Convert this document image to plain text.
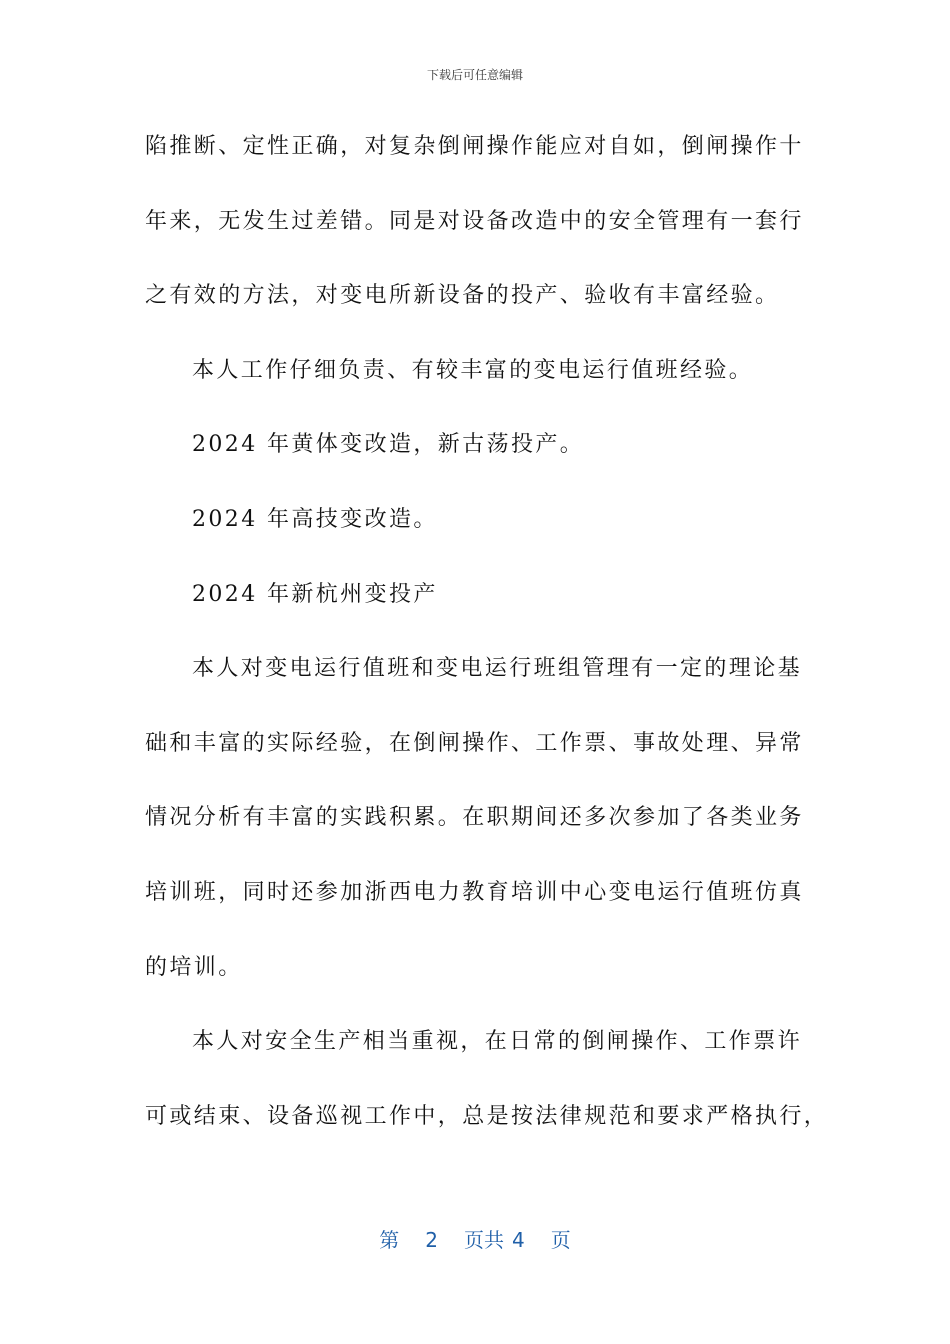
下载后可任意编辑
陷推断、定性正确，对复杂倒闸操作能应对自如，倒闸操作十
年来，无发生过差错。同是对设备改造中的安全管理有一套行
之有效的方法，对变电所新设备的投产、验收有丰富经验。
本人工作仔细负责、有较丰富的变电运行值班经验。
2024 年黄体变改造，新古荡投产。
2024 年高技变改造。
2024 年新杭州变投产
本人对变电运行值班和变电运行班组管理有一定的理论基
础和丰富的实际经验，在倒闸操作、工作票、事故处理、异常
情况分析有丰富的实践积累。在职期间还多次参加了各类业务
培训班，同时还参加浙西电力教育培训中心变电运行值班仿真
的培训。
本人对安全生产相当重视，在日常的倒闸操作、工作票许
可或结束、设备巡视工作中，总是按法律规范和要求严格执行，
第 2 页共 4 页
